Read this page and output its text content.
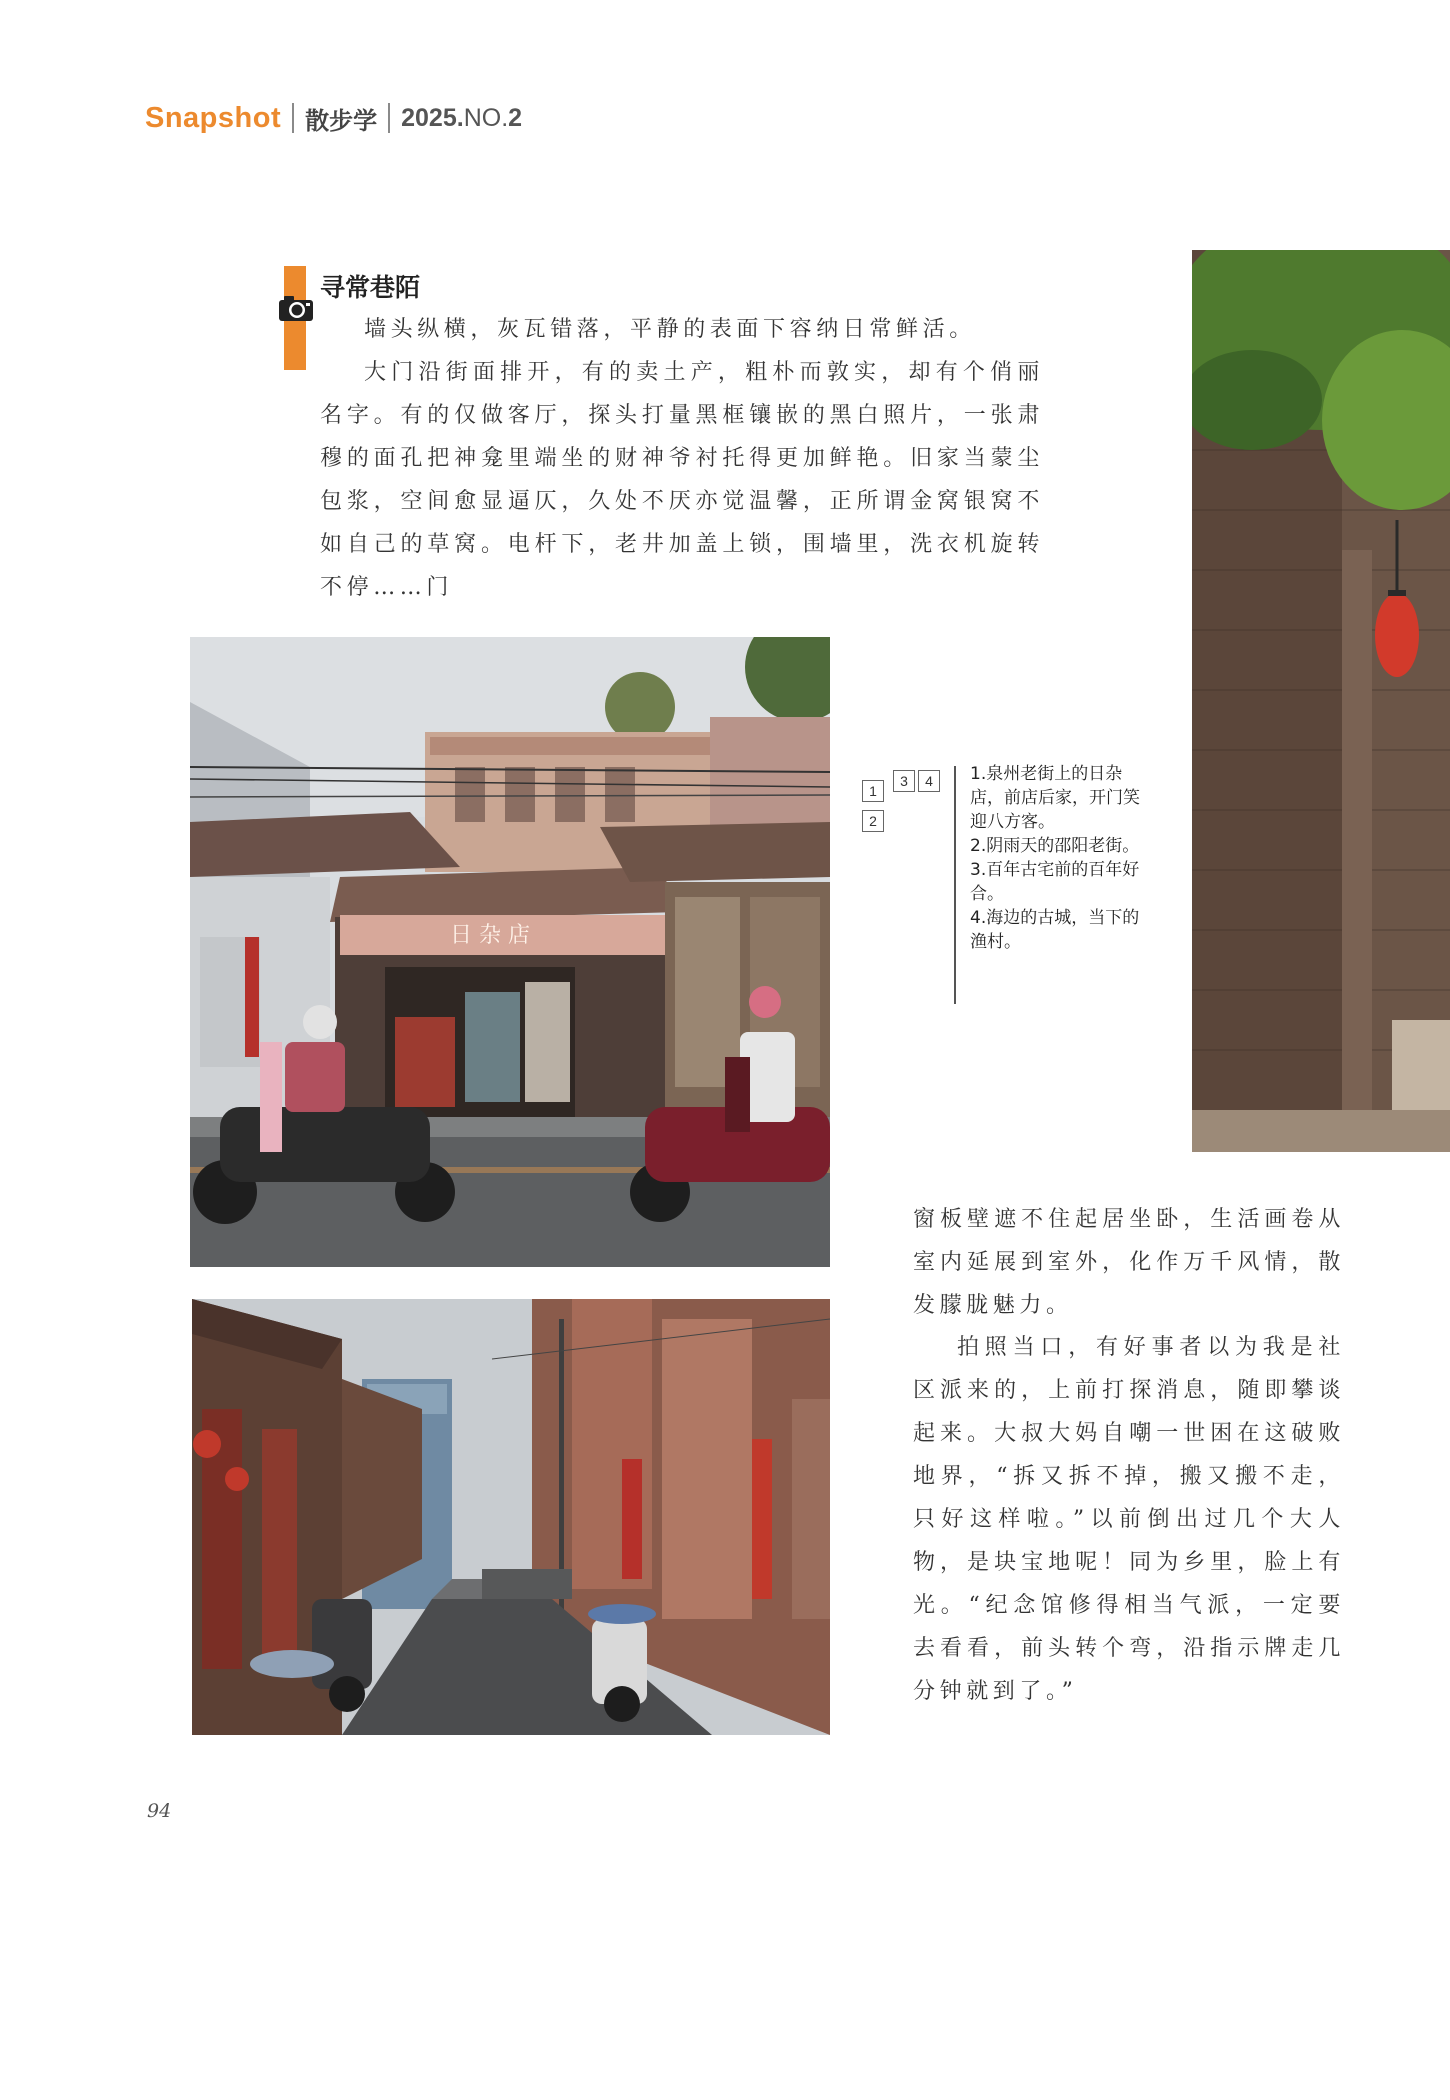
Snapshot 散步学 2025.NO.2
寻常巷陌

墙头纵横，灰瓦错落，平静的表面下容纳日常鲜活。

大门沿街面排开，有的卖土产，粗朴而敦实，却有个俏丽名字。有的仅做客厅，探头打量黑框镶嵌的黑白照片，一张肃穆的面孔把神龛里端坐的财神爷衬托得更加鲜艳。旧家当蒙尘包浆，空间愈显逼仄，久处不厌亦觉温馨，正所谓金窝银窝不如自己的草窝。电杆下，老井加盖上锁，围墙里，洗衣机旋转不停……门

日 杂 店
1
2
3	4	1.泉州老街上的日杂店，前店后家，开门笑迎八方客。
2.阴雨天的邵阳老街。
3.百年古宅前的百年好合。
4.海边的古城，当下的渔村。

窗板壁遮不住起居坐卧，生活画卷从室内延展到室外，化作万千风情，散发朦胧魅力。

拍照当口，有好事者以为我是社区派来的，上前打探消息，随即攀谈起来。大叔大妈自嘲一世困在这破败地界，“拆又拆不掉，搬又搬不走，只好这样啦。”以前倒出过几个大人物，是块宝地呢！同为乡里，脸上有光。“纪念馆修得相当气派，一定要去看看，前头转个弯，沿指示牌走几分钟就到了。”

94
